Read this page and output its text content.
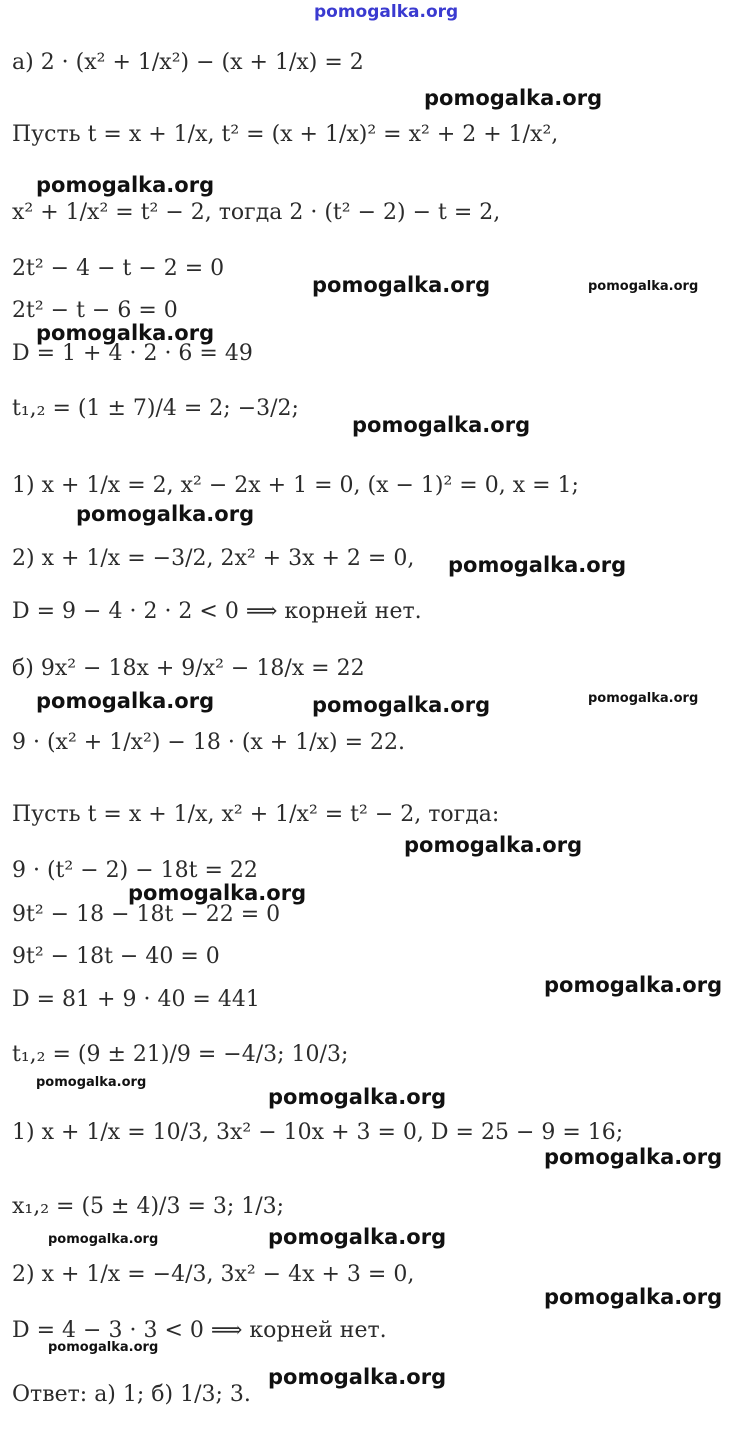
а) 2 · (x² + 1/x²) − (x + 1/x) = 2
Пусть t = x + 1/x, t² = (x + 1/x)² = x² + 2 + 1/x²,
x² + 1/x² = t² − 2, тогда 2 · (t² − 2) − t = 2,
2t² − 4 − t − 2 = 0
2t² − t − 6 = 0
D = 1 + 4 · 2 · 6 = 49
t₁,₂ = (1 ± 7)/4 = 2; −3/2;
1) x + 1/x = 2, x² − 2x + 1 = 0, (x − 1)² = 0, x = 1;
2) x + 1/x = −3/2, 2x² + 3x + 2 = 0,
D = 9 − 4 · 2 · 2 < 0 ⟹ корней нет.
б) 9x² − 18x + 9/x² − 18/x = 22
9 · (x² + 1/x²) − 18 · (x + 1/x) = 22.
Пусть t = x + 1/x, x² + 1/x² = t² − 2, тогда:
9 · (t² − 2) − 18t = 22
9t² − 18 − 18t − 22 = 0
9t² − 18t − 40 = 0
D = 81 + 9 · 40 = 441
t₁,₂ = (9 ± 21)/9 = −4/3; 10/3;
1) x + 1/x = 10/3, 3x² − 10x + 3 = 0, D = 25 − 9 = 16;
x₁,₂ = (5 ± 4)/3 = 3; 1/3;
2) x + 1/x = −4/3, 3x² − 4x + 3 = 0,
D = 4 − 3 · 3 < 0 ⟹ корней нет.
Ответ: а) 1; б) 1/3; 3.
pomogalka.org
pomogalka.org
pomogalka.org
pomogalka.org	pomogalka.org
pomogalka.org
pomogalka.org
pomogalka.org
pomogalka.org
pomogalka.org	pomogalka.org	pomogalka.org
pomogalka.org
pomogalka.org
pomogalka.org
pomogalka.org
pomogalka.org
pomogalka.org
pomogalka.org	pomogalka.org
pomogalka.org
pomogalka.org
pomogalka.org
